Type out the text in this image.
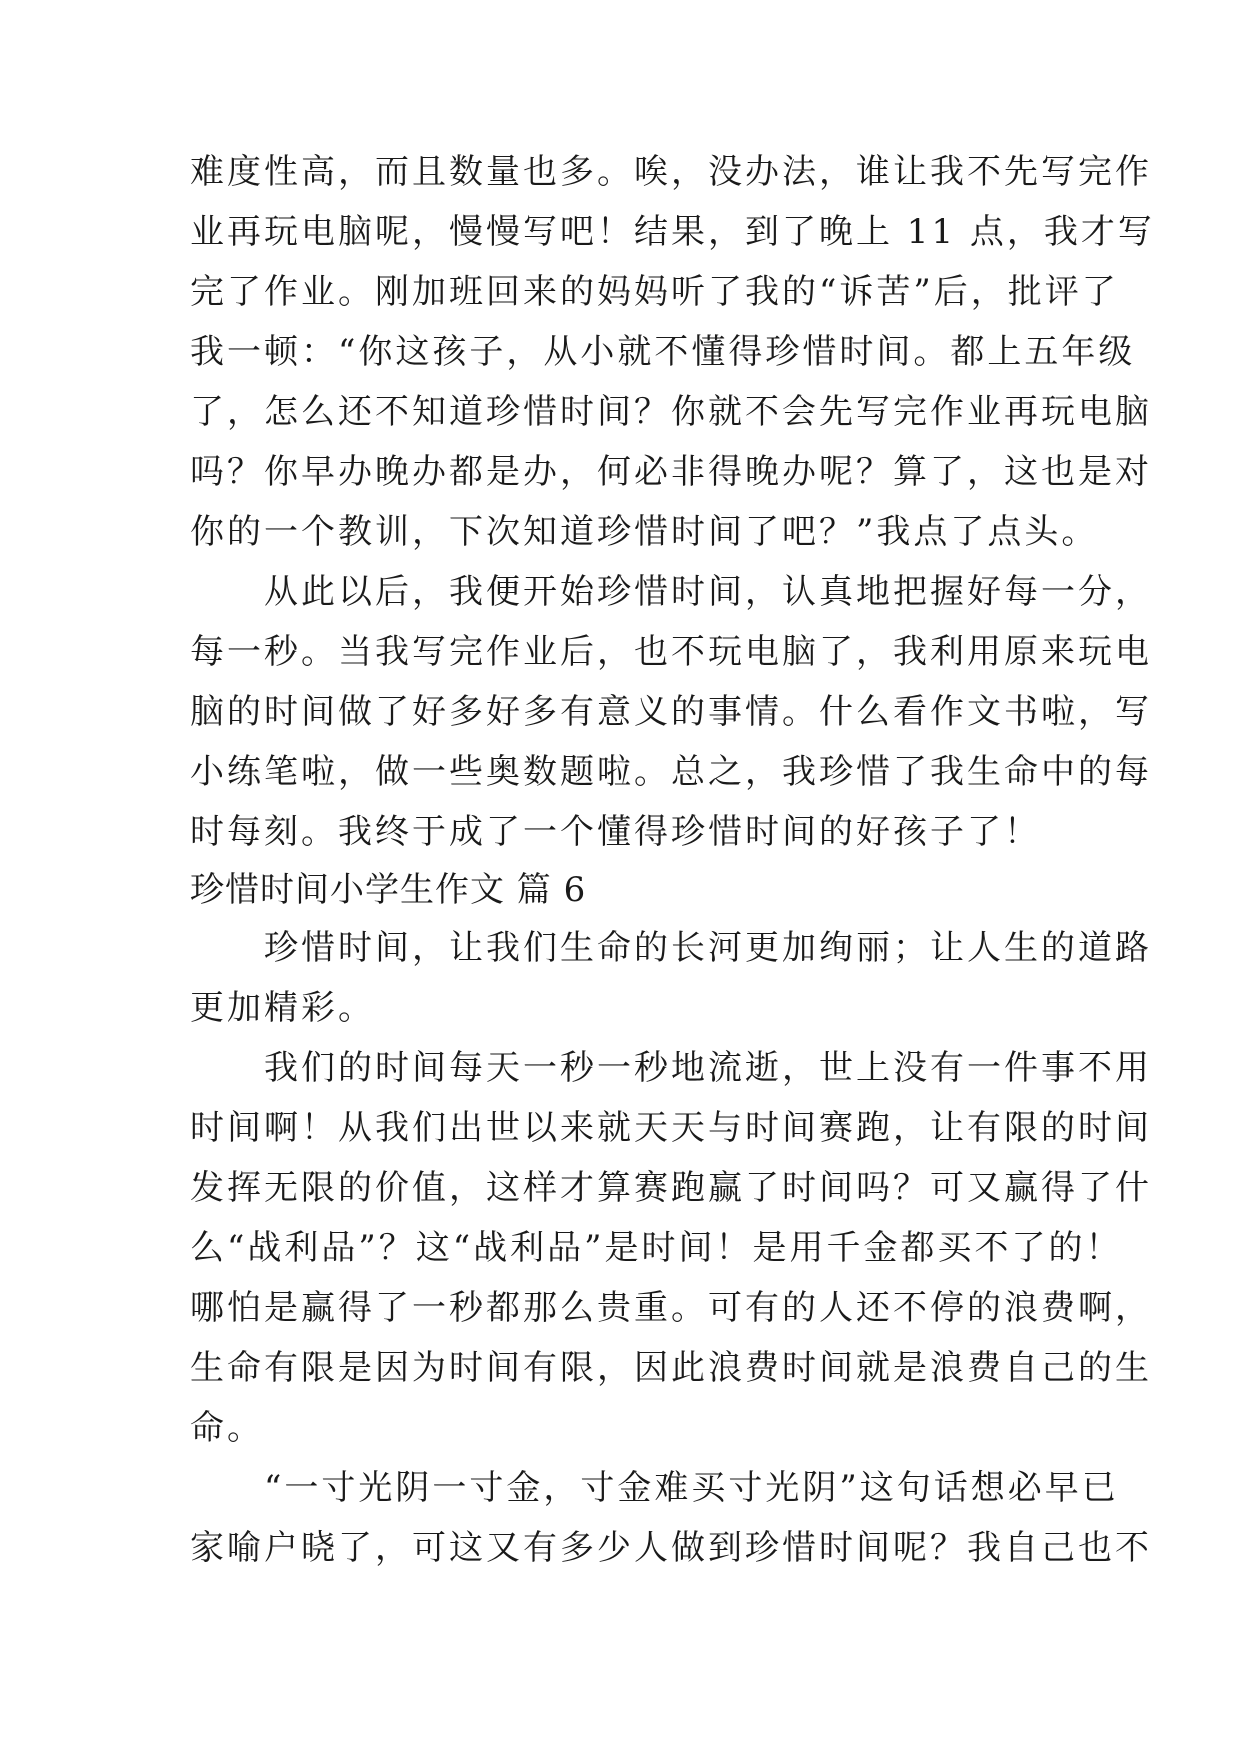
难度性高，而且数量也多。唉，没办法，谁让我不先写完作
业再玩电脑呢，慢慢写吧！结果，到了晚上 11 点，我才写
完了作业。刚加班回来的妈妈听了我的“诉苦”后，批评了
我一顿：“你这孩子，从小就不懂得珍惜时间。都上五年级
了，怎么还不知道珍惜时间？你就不会先写完作业再玩电脑
吗？你早办晚办都是办，何必非得晚办呢？算了，这也是对
你的一个教训，下次知道珍惜时间了吧？”我点了点头。
　　从此以后，我便开始珍惜时间，认真地把握好每一分，
每一秒。当我写完作业后，也不玩电脑了，我利用原来玩电
脑的时间做了好多好多有意义的事情。什么看作文书啦，写
小练笔啦，做一些奥数题啦。总之，我珍惜了我生命中的每
时每刻。我终于成了一个懂得珍惜时间的好孩子了！
珍惜时间小学生作文 篇 6
　　珍惜时间，让我们生命的长河更加绚丽；让人生的道路
更加精彩。
　　我们的时间每天一秒一秒地流逝，世上没有一件事不用
时间啊！从我们出世以来就天天与时间赛跑，让有限的时间
发挥无限的价值，这样才算赛跑赢了时间吗？可又赢得了什
么“战利品”？这“战利品”是时间！是用千金都买不了的！
哪怕是赢得了一秒都那么贵重。可有的人还不停的浪费啊，
生命有限是因为时间有限，因此浪费时间就是浪费自己的生
命。
　　“一寸光阴一寸金，寸金难买寸光阴”这句话想必早已
家喻户晓了，可这又有多少人做到珍惜时间呢？我自己也不
